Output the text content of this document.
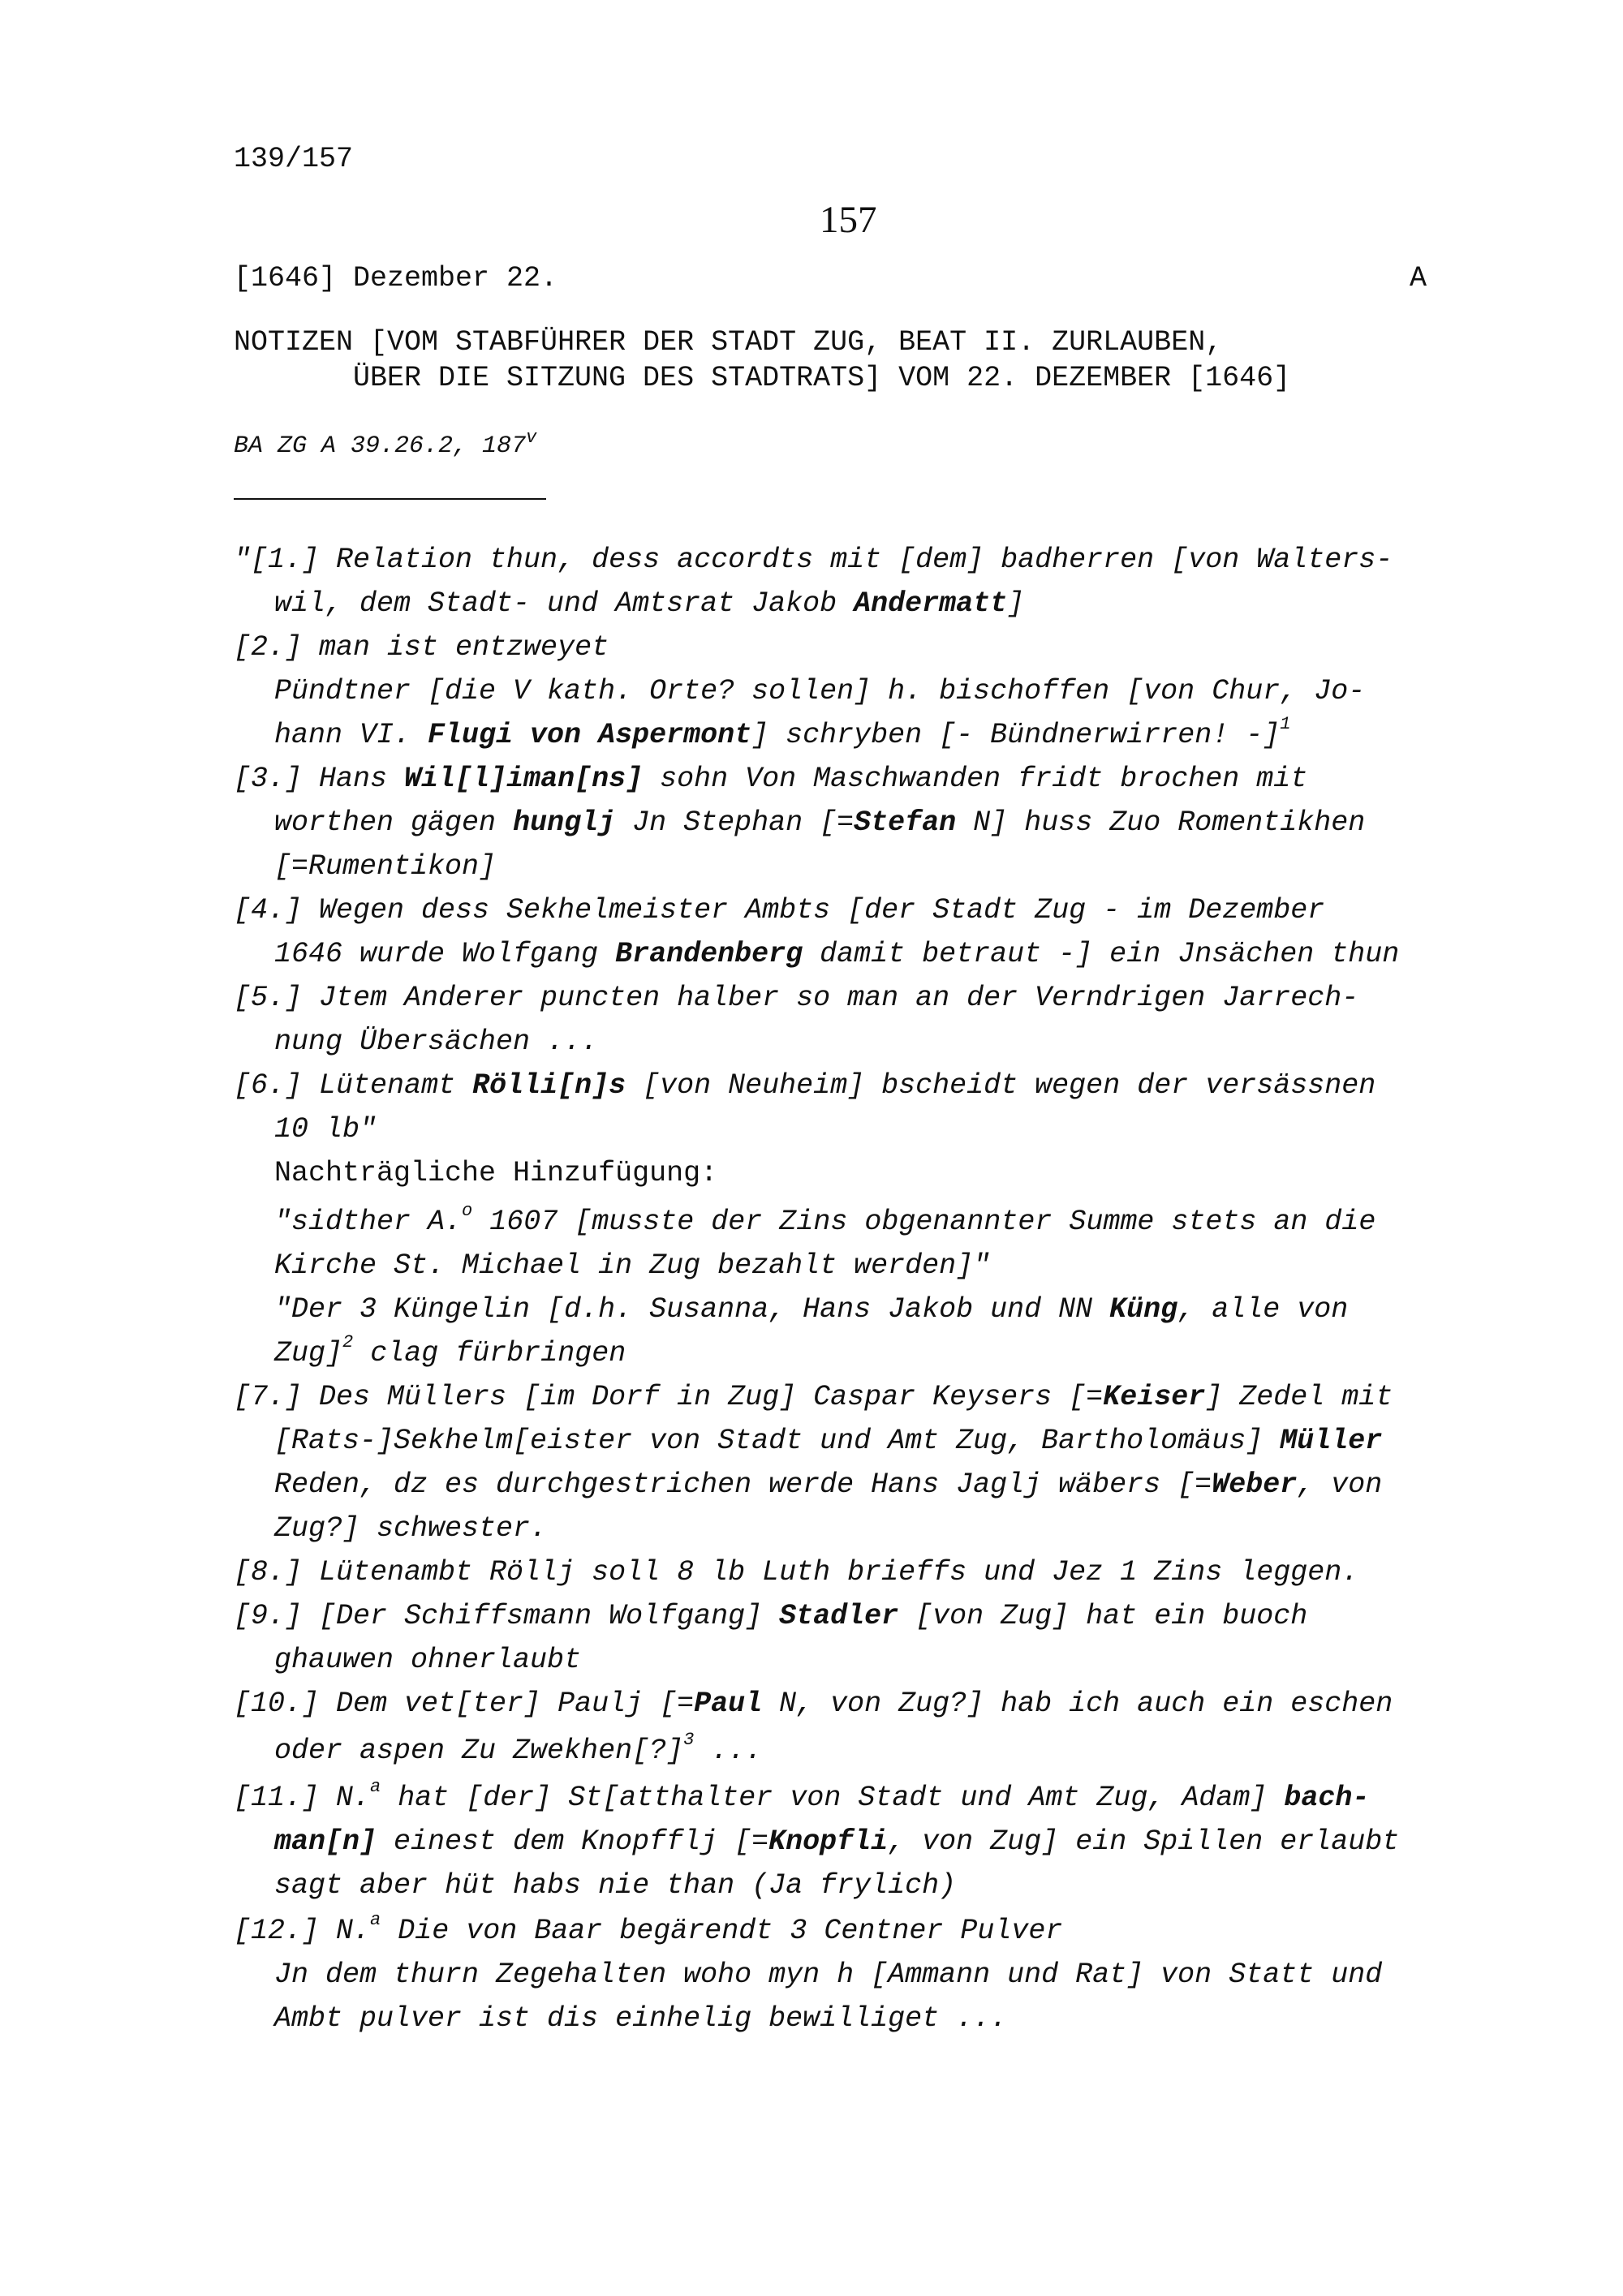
139/157
157
[1646] Dezember 22.	A
NOTIZEN [VOM STABFÜHRER DER STADT ZUG, BEAT II. ZURLAUBEN,
ÜBER DIE SITZUNG DES STADTRATS] VOM 22. DEZEMBER [1646]
BA ZG A 39.26.2, 187$^v$
"[1.] Relation thun, dess accordts mit [dem] badherren [von Walters-
wil, dem Stadt- und Amtsrat Jakob Andermatt]
[2.] man ist entzweyet
Pündtner [die V kath. Orte? sollen] h. bischoffen [von Chur, Jo-
hann VI. Flugi von Aspermont] schryben [- Bündnerwirren! -]$^1$
[3.] Hans Wil[l]iman[ns] sohn Von Maschwanden fridt brochen mit
worthen gägen hunglj Jn Stephan [=Stefan N] huss Zuo Romentikhen
[=Rumentikon]
[4.] Wegen dess Sekhelmeister Ambts [der Stadt Zug - im Dezember
1646 wurde Wolfgang Brandenberg damit betraut -] ein Jnsächen thun
[5.] Jtem Anderer puncten halber so man an der Verndrigen Jarrech-
nung Übersächen ...
[6.] Lütenamt Rölli[n]s [von Neuheim] bscheidt wegen der versässnen
10 lb"
Nachträgliche Hinzufügung:
"sidther A.$^o$ 1607 [musste der Zins obgenannter Summe stets an die
Kirche St. Michael in Zug bezahlt werden]"
"Der 3 Küngelin [d.h. Susanna, Hans Jakob und NN Küng, alle von
Zug]$^2$ clag fürbringen
[7.] Des Müllers [im Dorf in Zug] Caspar Keysers [=Keiser] Zedel mit
[Rats-]Sekhelm[eister von Stadt und Amt Zug, Bartholomäus] Müller
Reden, dz es durchgestrichen werde Hans Jaglj wäbers [=Weber, von
Zug?] schwester.
[8.] Lütenambt Röllj soll 8 lb Luth brieffs und Jez 1 Zins leggen.
[9.] [Der Schiffsmann Wolfgang] Stadler [von Zug] hat ein buoch
ghauwen ohnerlaubt
[10.] Dem vet[ter] Paulj [=Paul N, von Zug?] hab ich auch ein eschen
oder aspen Zu Zwekhen[?]$^3$ ...
[11.] N.$^a$ hat [der] St[atthalter von Stadt und Amt Zug, Adam] bach-
man[n] einest dem Knopfflj [=Knopfli, von Zug] ein Spillen erlaubt
sagt aber hüt habs nie than (Ja frylich)
[12.] N.$^a$ Die von Baar begärendt 3 Centner Pulver
Jn dem thurn Zegehalten woho myn h [Ammann und Rat] von Statt und
Ambt pulver ist dis einhelig bewilliget ...
